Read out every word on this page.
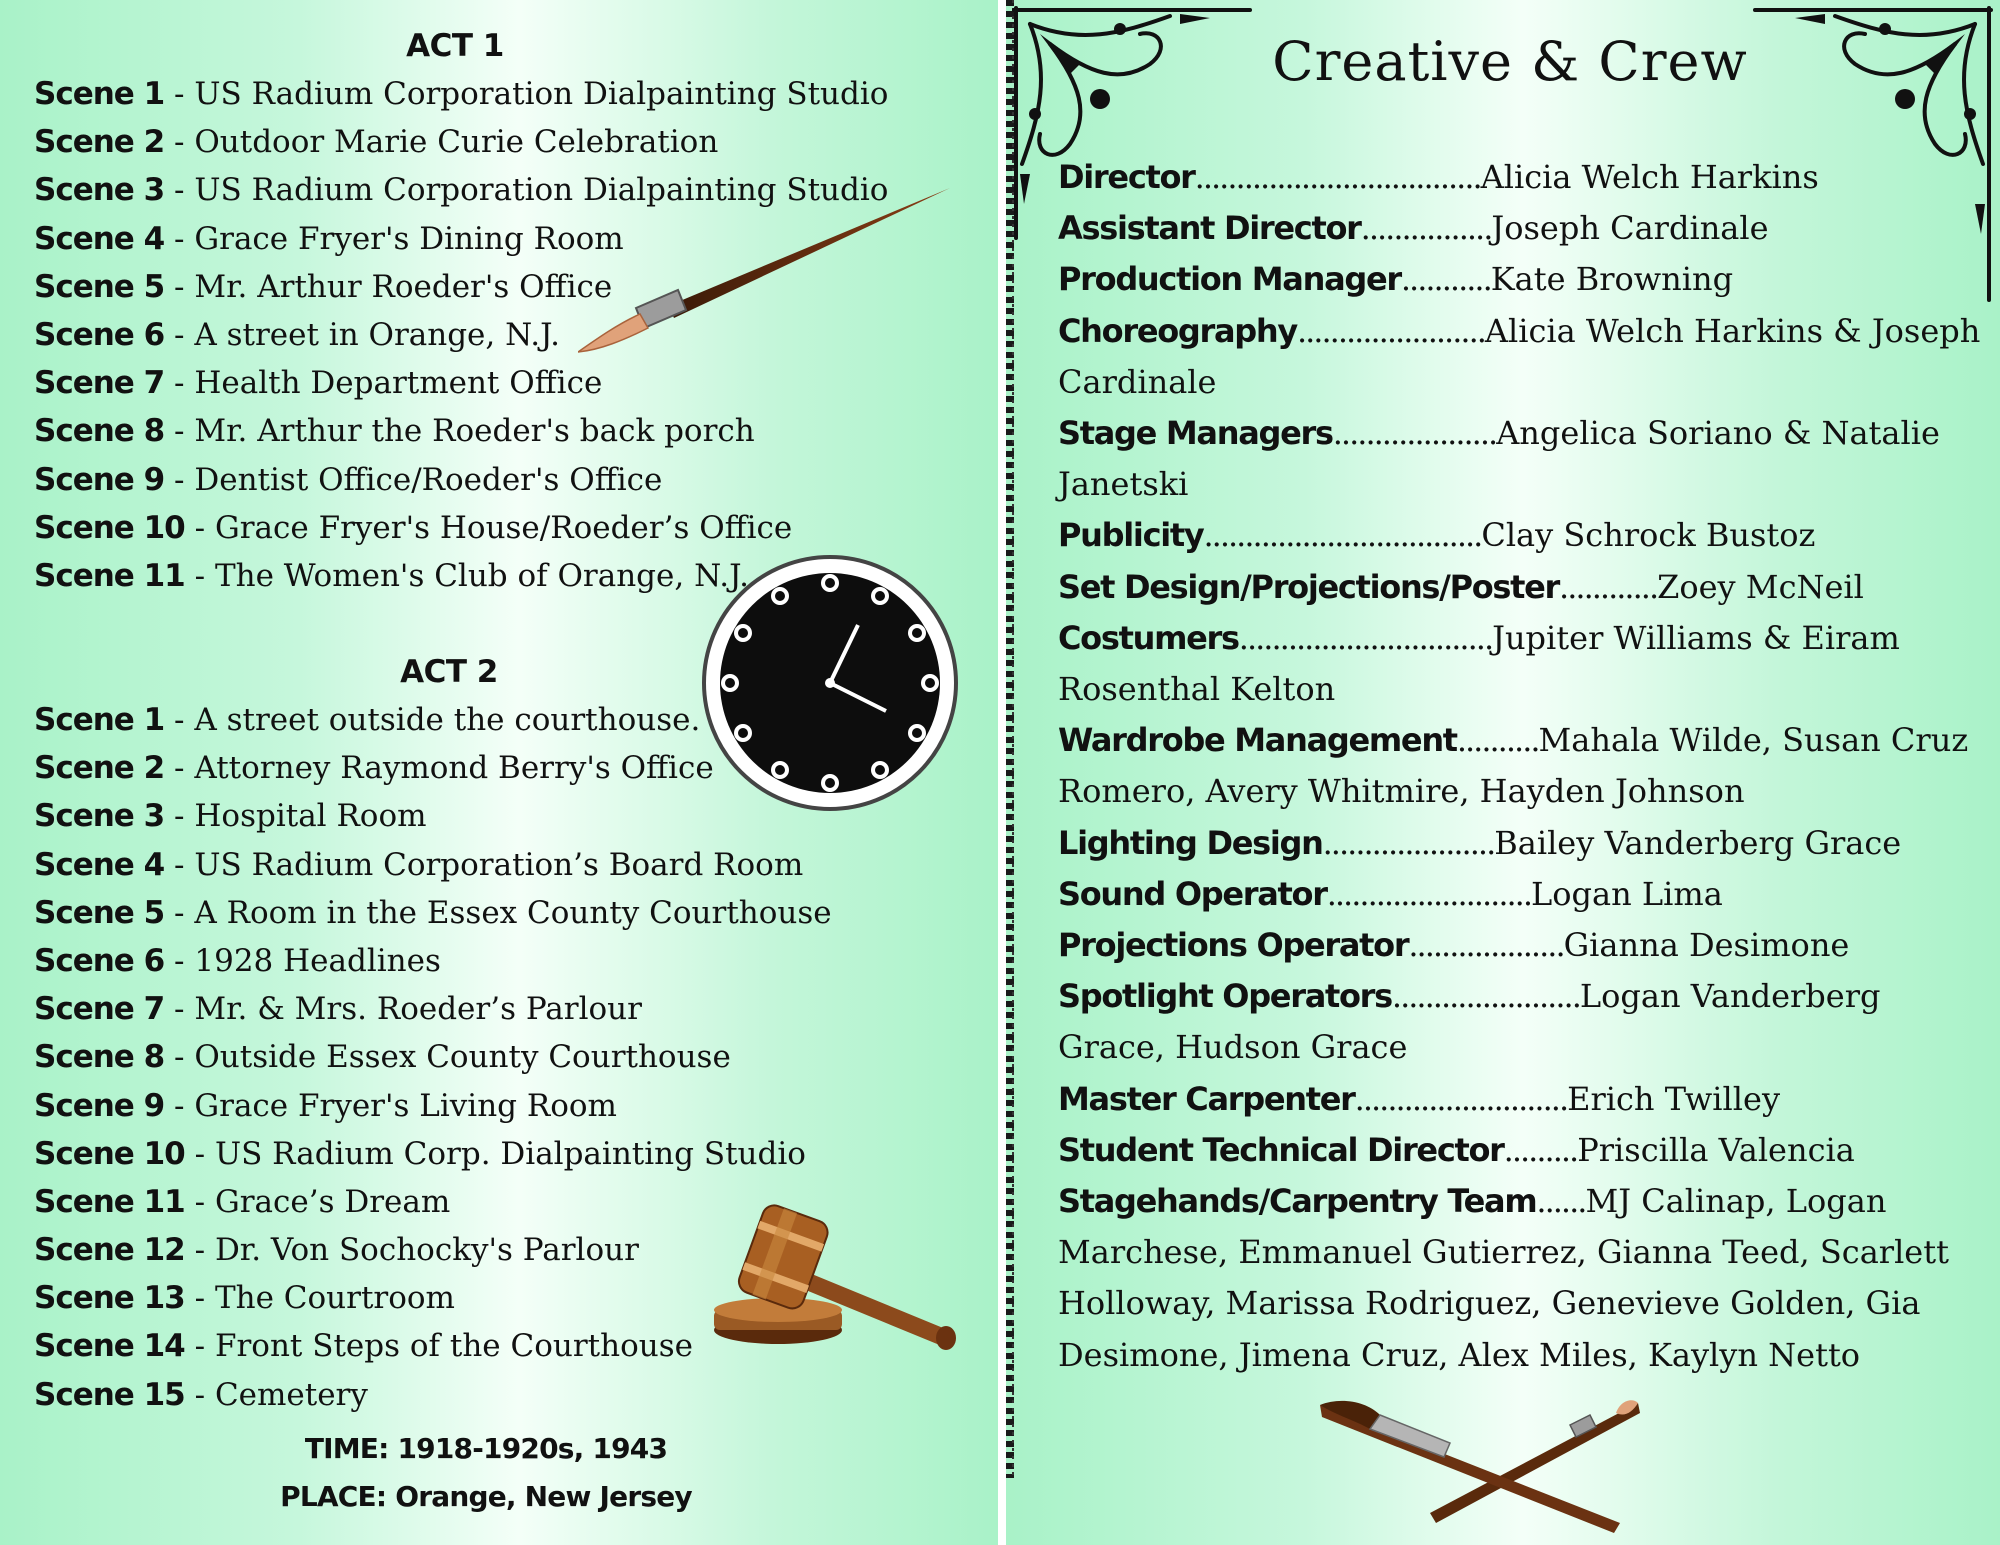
ACT 1
Scene 1 - US Radium Corporation Dialpainting Studio
Scene 2 - Outdoor Marie Curie Celebration
Scene 3 - US Radium Corporation Dialpainting Studio
Scene 4 - Grace Fryer's Dining Room
Scene 5 - Mr. Arthur Roeder's Office
Scene 6 - A street in Orange, N.J.
Scene 7 - Health Department Office
Scene 8 - Mr. Arthur the Roeder's back porch
Scene 9 - Dentist Office/Roeder's Office
Scene 10 - Grace Fryer's House/Roeder’s Office
Scene 11 - The Women's Club of Orange, N.J.
ACT 2
Scene 1 - A street outside the courthouse.
Scene 2 - Attorney Raymond Berry's Office
Scene 3 - Hospital Room
Scene 4 - US Radium Corporation’s Board Room
Scene 5 - A Room in the Essex County Courthouse
Scene 6 - 1928 Headlines
Scene 7 - Mr. & Mrs. Roeder’s Parlour
Scene 8 - Outside Essex County Courthouse
Scene 9 - Grace Fryer's Living Room
Scene 10 - US Radium Corp. Dialpainting Studio
Scene 11 - Grace’s Dream
Scene 12 - Dr. Von Sochocky's Parlour
Scene 13 - The Courtroom
Scene 14 - Front Steps of the Courthouse
Scene 15 - Cemetery
TIME: 1918-1920s, 1943
PLACE: Orange, New Jersey
Creative & Crew
Director...................................Alicia Welch Harkins
Assistant Director................Joseph Cardinale
Production Manager...........Kate Browning
Choreography.......................Alicia Welch Harkins & Joseph Cardinale
Stage Managers....................Angelica Soriano & Natalie Janetski
Publicity..................................Clay Schrock Bustoz
Set Design/Projections/Poster............Zoey McNeil
Costumers...............................Jupiter Williams & Eiram Rosenthal Kelton
Wardrobe Management..........Mahala Wilde, Susan Cruz Romero, Avery Whitmire, Hayden Johnson
Lighting Design.....................Bailey Vanderberg Grace
Sound Operator.........................Logan Lima
Projections Operator...................Gianna Desimone
Spotlight Operators.......................Logan Vanderberg Grace, Hudson Grace
Master Carpenter..........................Erich Twilley
Student Technical Director.........Priscilla Valencia
Stagehands/Carpentry Team......MJ Calinap, Logan Marchese, Emmanuel Gutierrez, Gianna Teed, Scarlett Holloway, Marissa Rodriguez, Genevieve Golden, Gia Desimone, Jimena Cruz, Alex Miles, Kaylyn Netto
